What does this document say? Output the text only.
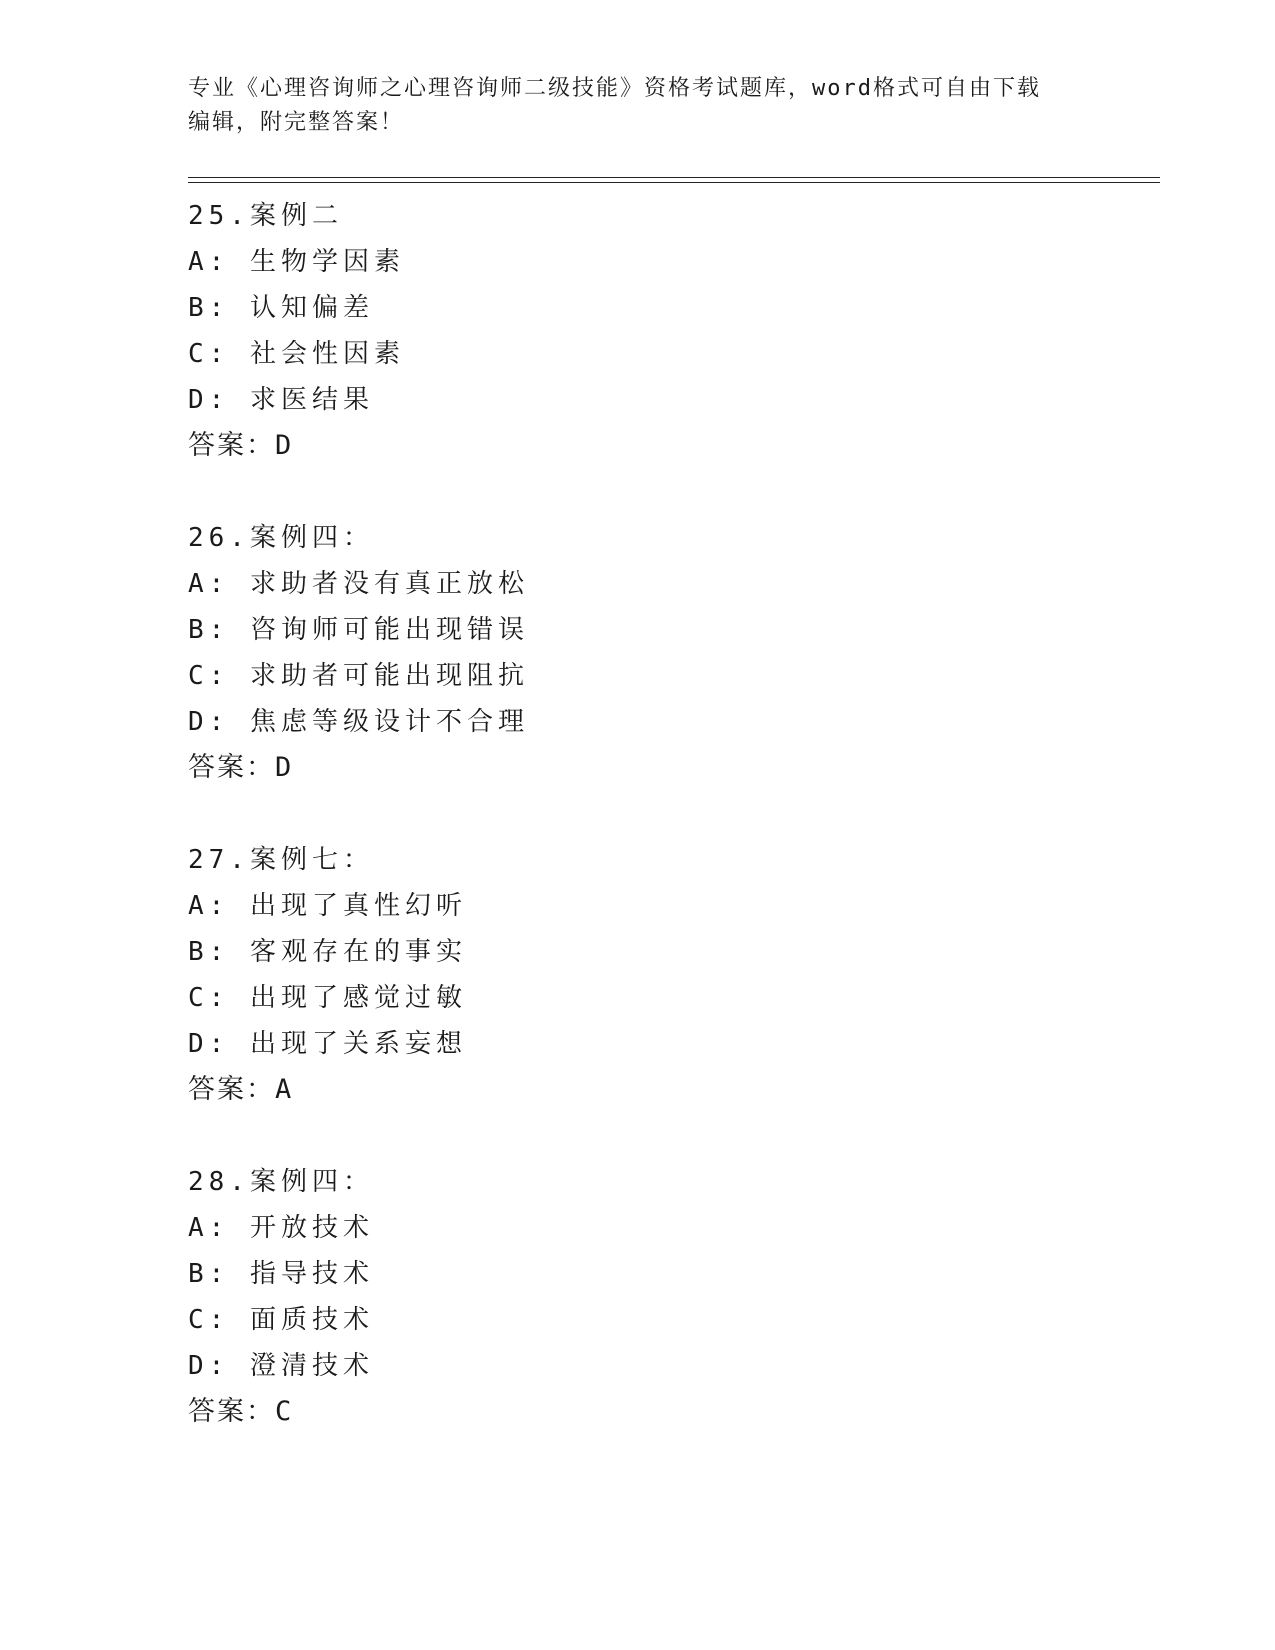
专业《心理咨询师之心理咨询师二级技能》资格考试题库，word格式可自由下载
编辑，附完整答案！
25.案例二
A: 生物学因素
B: 认知偏差
C: 社会性因素
D: 求医结果
答案：D
26.案例四：
A: 求助者没有真正放松
B: 咨询师可能出现错误
C: 求助者可能出现阻抗
D: 焦虑等级设计不合理
答案：D
27.案例七：
A: 出现了真性幻听
B: 客观存在的事实
C: 出现了感觉过敏
D: 出现了关系妄想
答案：A
28.案例四：
A: 开放技术
B: 指导技术
C: 面质技术
D: 澄清技术
答案：C
